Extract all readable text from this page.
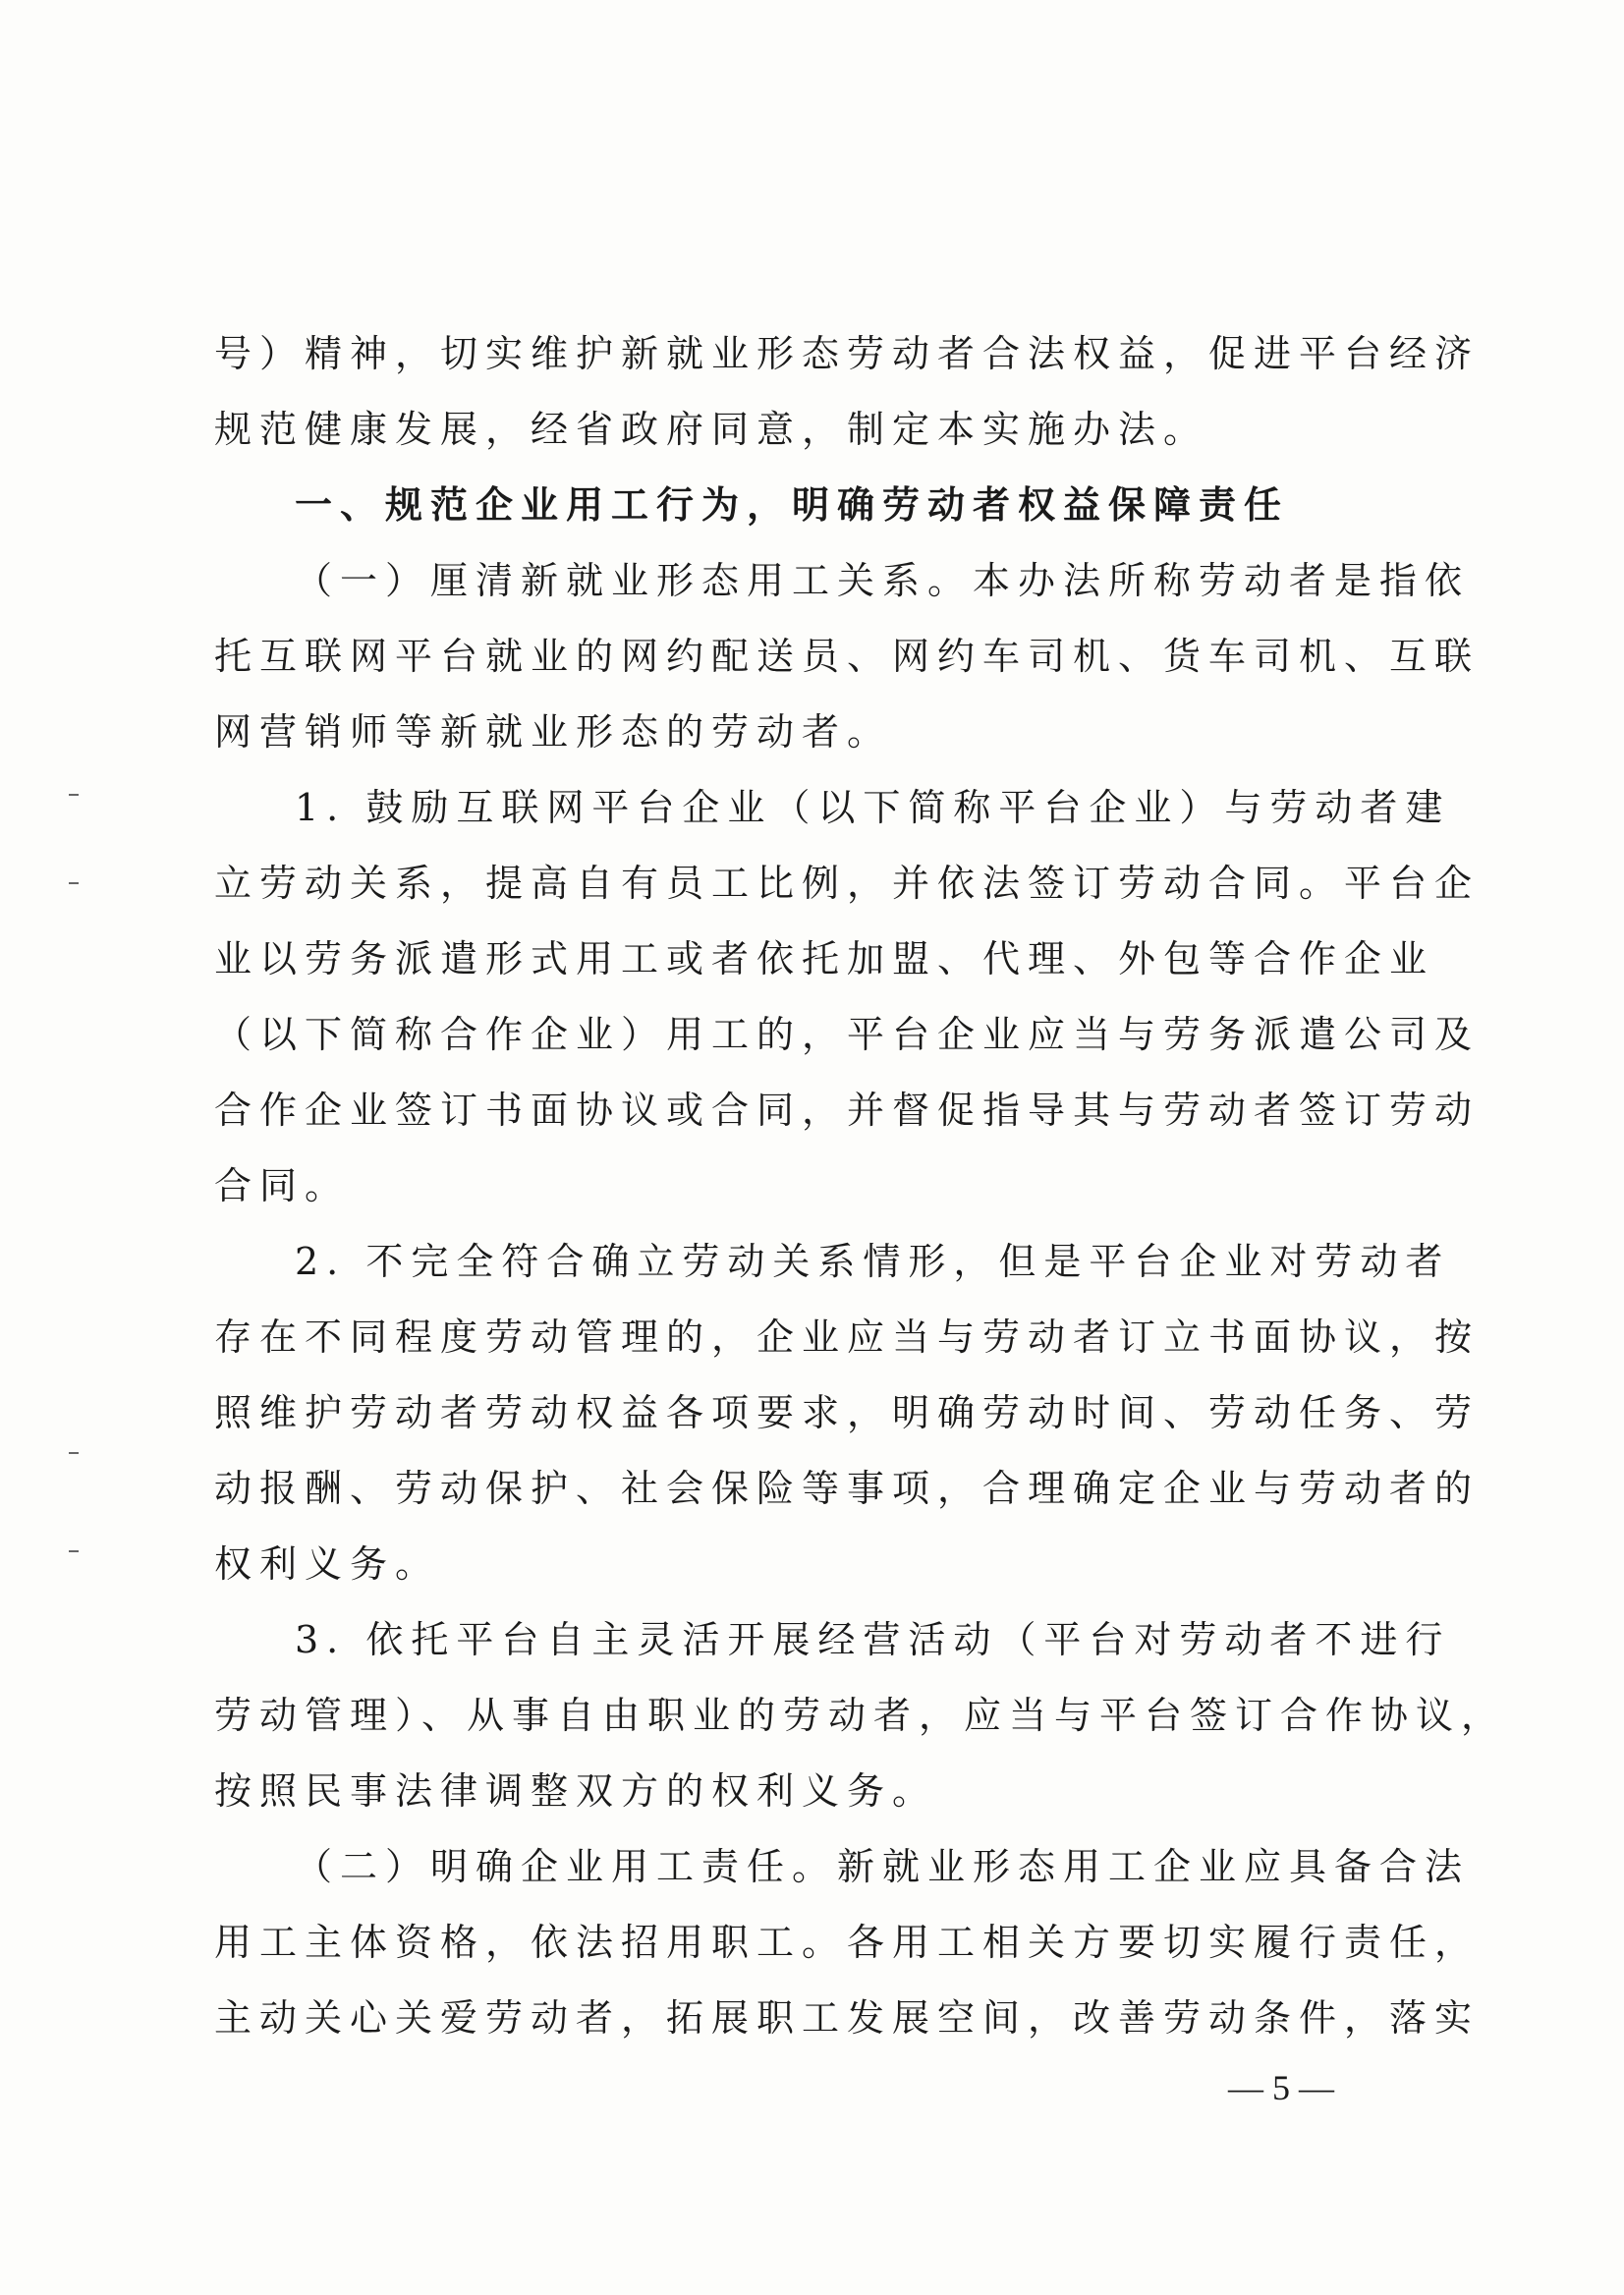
号）精神，切实维护新就业形态劳动者合法权益，促进平台经济
规范健康发展，经省政府同意，制定本实施办法。
一、规范企业用工行为，明确劳动者权益保障责任
（一）厘清新就业形态用工关系。本办法所称劳动者是指依
托互联网平台就业的网约配送员、网约车司机、货车司机、互联
网营销师等新就业形态的劳动者。
1. 鼓励互联网平台企业（以下简称平台企业）与劳动者建
立劳动关系，提高自有员工比例，并依法签订劳动合同。平台企
业以劳务派遣形式用工或者依托加盟、代理、外包等合作企业
（以下简称合作企业）用工的，平台企业应当与劳务派遣公司及
合作企业签订书面协议或合同，并督促指导其与劳动者签订劳动
合同。
2. 不完全符合确立劳动关系情形，但是平台企业对劳动者
存在不同程度劳动管理的，企业应当与劳动者订立书面协议，按
照维护劳动者劳动权益各项要求，明确劳动时间、劳动任务、劳
动报酬、劳动保护、社会保险等事项，合理确定企业与劳动者的
权利义务。
3. 依托平台自主灵活开展经营活动（平台对劳动者不进行
劳动管理）、从事自由职业的劳动者，应当与平台签订合作协议，
按照民事法律调整双方的权利义务。
（二）明确企业用工责任。新就业形态用工企业应具备合法
用工主体资格，依法招用职工。各用工相关方要切实履行责任，
主动关心关爱劳动者，拓展职工发展空间，改善劳动条件，落实
— 5 —
